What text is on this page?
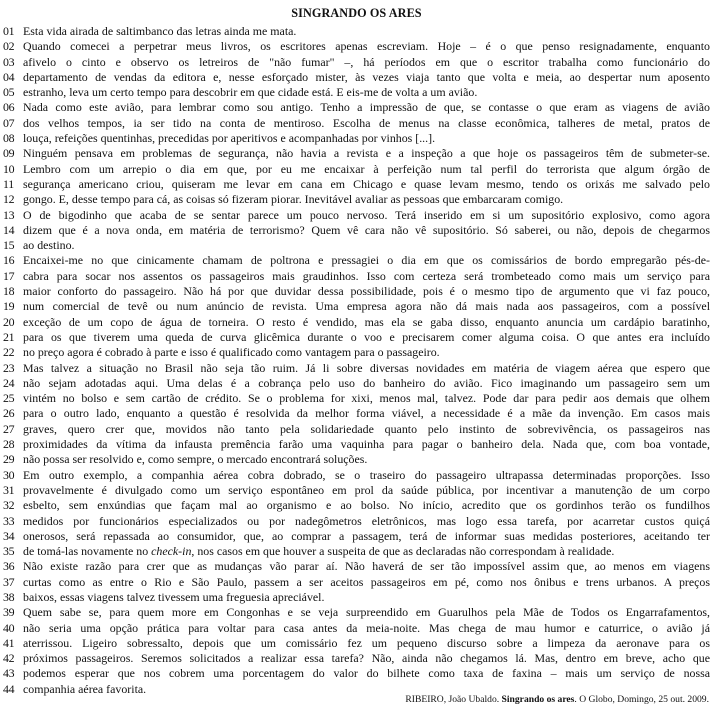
SINGRANDO OS ARES
01 Esta vida airada de saltimbanco das letras ainda me mata.
02 Quando comecei a perpetrar meus livros, os escritores apenas escreviam. Hoje – é o que penso resignadamente, enquanto
03 afivelo o cinto e observo os letreiros de "não fumar" –, há períodos em que o escritor trabalha como funcionário do
04 departamento de vendas da editora e, nesse esforçado mister, às vezes viaja tanto que volta e meia, ao despertar num aposento
05 estranho, leva um certo tempo para descobrir em que cidade está. E eis-me de volta a um avião.
06 Nada como este avião, para lembrar como sou antigo. Tenho a impressão de que, se contasse o que eram as viagens de avião
07 dos velhos tempos, ia ser tido na conta de mentiroso. Escolha de menus na classe econômica, talheres de metal, pratos de
08 louça, refeições quentinhas, precedidas por aperitivos e acompanhadas por vinhos [...].
09 Ninguém pensava em problemas de segurança, não havia a revista e a inspeção a que hoje os passageiros têm de submeter-se.
10 Lembro com um arrepio o dia em que, por eu me encaixar à perfeição num tal perfil do terrorista que algum órgão de
11 segurança americano criou, quiseram me levar em cana em Chicago e quase levam mesmo, tendo os orixás me salvado pelo
12 gongo. E, desse tempo para cá, as coisas só fizeram piorar. Inevitável avaliar as pessoas que embarcaram comigo.
13 O de bigodinho que acaba de se sentar parece um pouco nervoso. Terá inserido em si um supositório explosivo, como agora
14 dizem que é a nova onda, em matéria de terrorismo? Quem vê cara não vê supositório. Só saberei, ou não, depois de chegarmos
15 ao destino.
16 Encaixei-me no que cinicamente chamam de poltrona e pressagiei o dia em que os comissários de bordo empregarão pés-de-
17 cabra para socar nos assentos os passageiros mais graudinhos. Isso com certeza será trombeteado como mais um serviço para
18 maior conforto do passageiro. Não há por que duvidar dessa possibilidade, pois é o mesmo tipo de argumento que vi faz pouco,
19 num comercial de tevê ou num anúncio de revista. Uma empresa agora não dá mais nada aos passageiros, com a possível
20 exceção de um copo de água de torneira. O resto é vendido, mas ela se gaba disso, enquanto anuncia um cardápio baratinho,
21 para os que tiverem uma queda de curva glicêmica durante o voo e precisarem comer alguma coisa. O que antes era incluído
22 no preço agora é cobrado à parte e isso é qualificado como vantagem para o passageiro.
23 Mas talvez a situação no Brasil não seja tão ruim. Já li sobre diversas novidades em matéria de viagem aérea que espero que
24 não sejam adotadas aqui. Uma delas é a cobrança pelo uso do banheiro do avião. Fico imaginando um passageiro sem um
25 vintém no bolso e sem cartão de crédito. Se o problema for xixi, menos mal, talvez. Pode dar para pedir aos demais que olhem
26 para o outro lado, enquanto a questão é resolvida da melhor forma viável, a necessidade é a mãe da invenção. Em casos mais
27 graves, quero crer que, movidos não tanto pela solidariedade quanto pelo instinto de sobrevivência, os passageiros nas
28 proximidades da vítima da infausta premência farão uma vaquinha para pagar o banheiro dela. Nada que, com boa vontade,
29 não possa ser resolvido e, como sempre, o mercado encontrará soluções.
30 Em outro exemplo, a companhia aérea cobra dobrado, se o traseiro do passageiro ultrapassa determinadas proporções. Isso
31 provavelmente é divulgado como um serviço espontâneo em prol da saúde pública, por incentivar a manutenção de um corpo
32 esbelto, sem enxúndias que façam mal ao organismo e ao bolso. No início, acredito que os gordinhos terão os fundilhos
33 medidos por funcionários especializados ou por nadegômetros eletrônicos, mas logo essa tarefa, por acarretar custos quiçá
34 onerosos, será repassada ao consumidor, que, ao comprar a passagem, terá de informar suas medidas posteriores, aceitando ter
35 de tomá-las novamente no check-in, nos casos em que houver a suspeita de que as declaradas não correspondam à realidade.
36 Não existe razão para crer que as mudanças vão parar aí. Não haverá de ser tão impossível assim que, ao menos em viagens
37 curtas como as entre o Rio e São Paulo, passem a ser aceitos passageiros em pé, como nos ônibus e trens urbanos. A preços
38 baixos, essas viagens talvez tivessem uma freguesia apreciável.
39 Quem sabe se, para quem more em Congonhas e se veja surpreendido em Guarulhos pela Mãe de Todos os Engarrafamentos,
40 não seria uma opção prática para voltar para casa antes da meia-noite. Mas chega de mau humor e caturrice, o avião já
41 aterrissou. Ligeiro sobressalto, depois que um comissário fez um pequeno discurso sobre a limpeza da aeronave para os
42 próximos passageiros. Seremos solicitados a realizar essa tarefa? Não, ainda não chegamos lá. Mas, dentro em breve, acho que
43 podemos esperar que nos cobrem uma porcentagem do valor do bilhete como taxa de faxina – mais um serviço de nossa
44 companhia aérea favorita.
RIBEIRO, João Ubaldo. Singrando os ares. O Globo, Domingo, 25 out. 2009.
